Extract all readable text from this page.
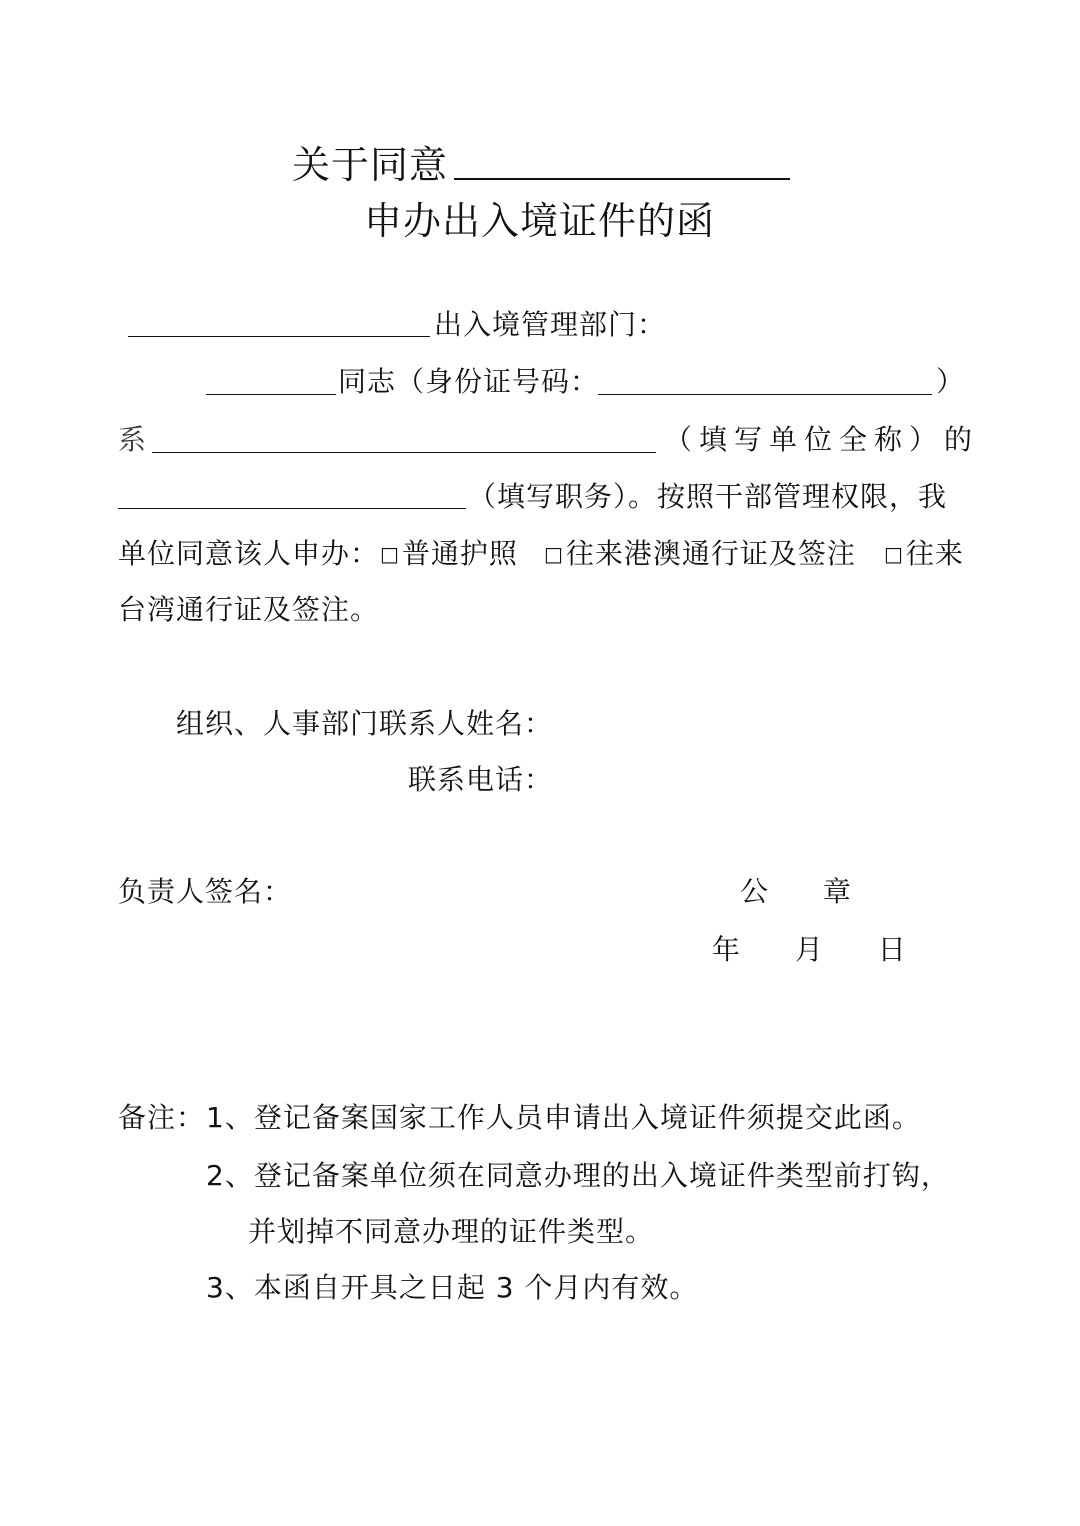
关于同意
申办出入境证件的函
出入境管理部门：
同志（身份证号码：	）
系	（填写单位全称）的
（填写职务）。按照干部管理权限，我
单位同意该人申办： □普通护照 □往来港澳通行证及签注 □往来
台湾通行证及签注。
组织、人事部门联系人姓名：
联系电话：
负责人签名：	公　 章
年　 月　 日
备注： 1、登记备案国家工作人员申请出入境证件须提交此函。
2、登记备案单位须在同意办理的出入境证件类型前打钩，
并划掉不同意办理的证件类型。
3、本函自开具之日起 3 个月内有效。
